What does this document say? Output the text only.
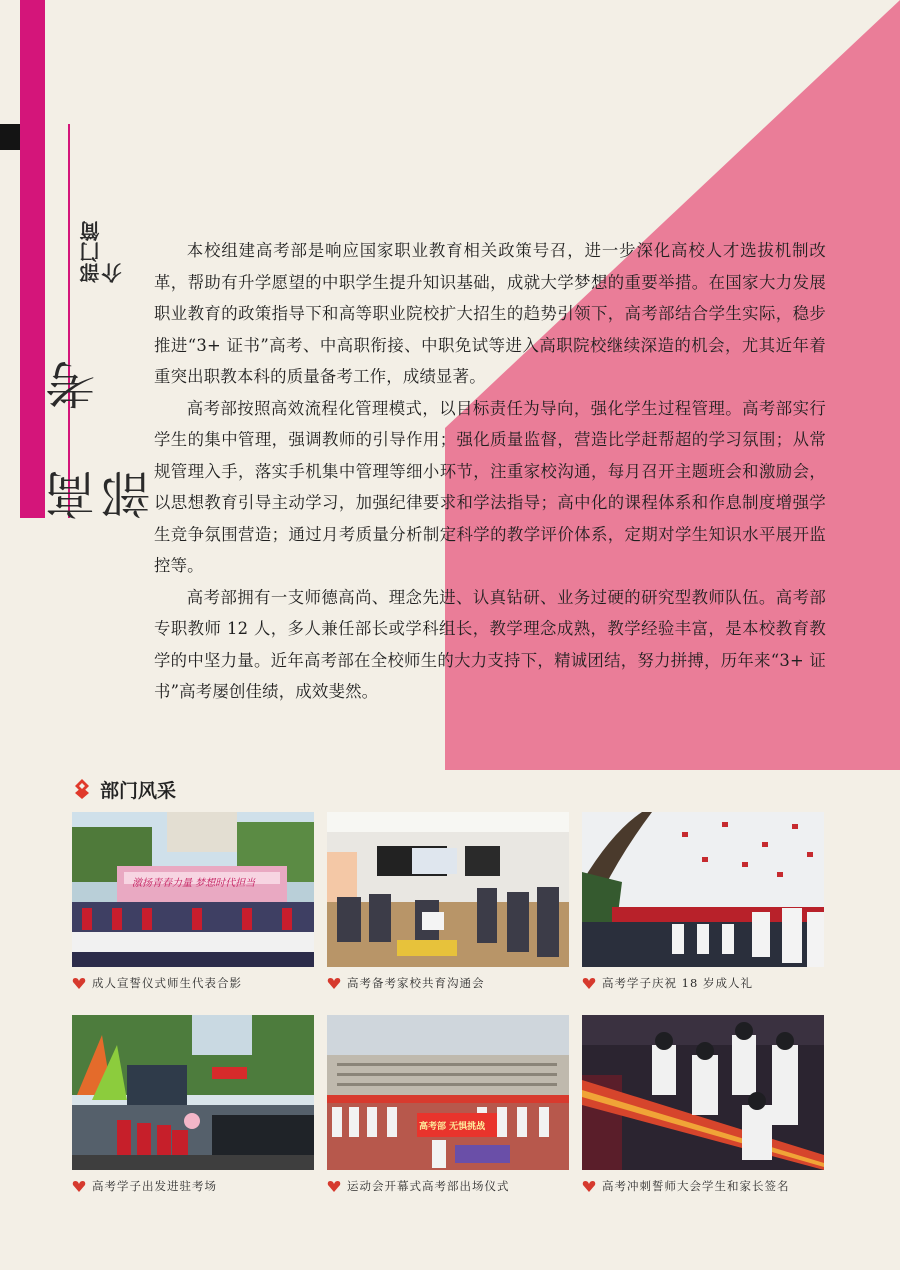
高 考 部
部门简介

本校组建高考部是响应国家职业教育相关政策号召，进一步深化高校人才选拔机制改革，帮助有升学愿望的中职学生提升知识基础，成就大学梦想的重要举措。在国家大力发展职业教育的政策指导下和高等职业院校扩大招生的趋势引领下，高考部结合学生实际，稳步推进“3+ 证书”高考、中高职衔接、中职免试等进入高职院校继续深造的机会，尤其近年着重突出职教本科的质量备考工作，成绩显著。

高考部按照高效流程化管理模式，以目标责任为导向，强化学生过程管理。高考部实行学生的集中管理，强调教师的引导作用；强化质量监督，营造比学赶帮超的学习氛围；从常规管理入手，落实手机集中管理等细小环节，注重家校沟通，每月召开主题班会和激励会，以思想教育引导主动学习，加强纪律要求和学法指导；高中化的课程体系和作息制度增强学生竞争氛围营造；通过月考质量分析制定科学的教学评价体系，定期对学生知识水平展开监控等。

高考部拥有一支师德高尚、理念先进、认真钻研、业务过硬的研究型教师队伍。高考部专职教师 12 人，多人兼任部长或学科组长，教学理念成熟，教学经验丰富，是本校教育教学的中坚力量。近年高考部在全校师生的大力支持下，精诚团结，努力拼搏，历年来“3+ 证书”高考屡创佳绩，成效斐然。

部门风采
激扬青春力量 梦想时代担当
成人宣誓仪式师生代表合影	高考备考家校共育沟通会	高考学子庆祝 18 岁成人礼
高考学子出发进驻考场
高考部 无惧挑战
运动会开幕式高考部出场仪式	高考冲刺誓师大会学生和家长签名
